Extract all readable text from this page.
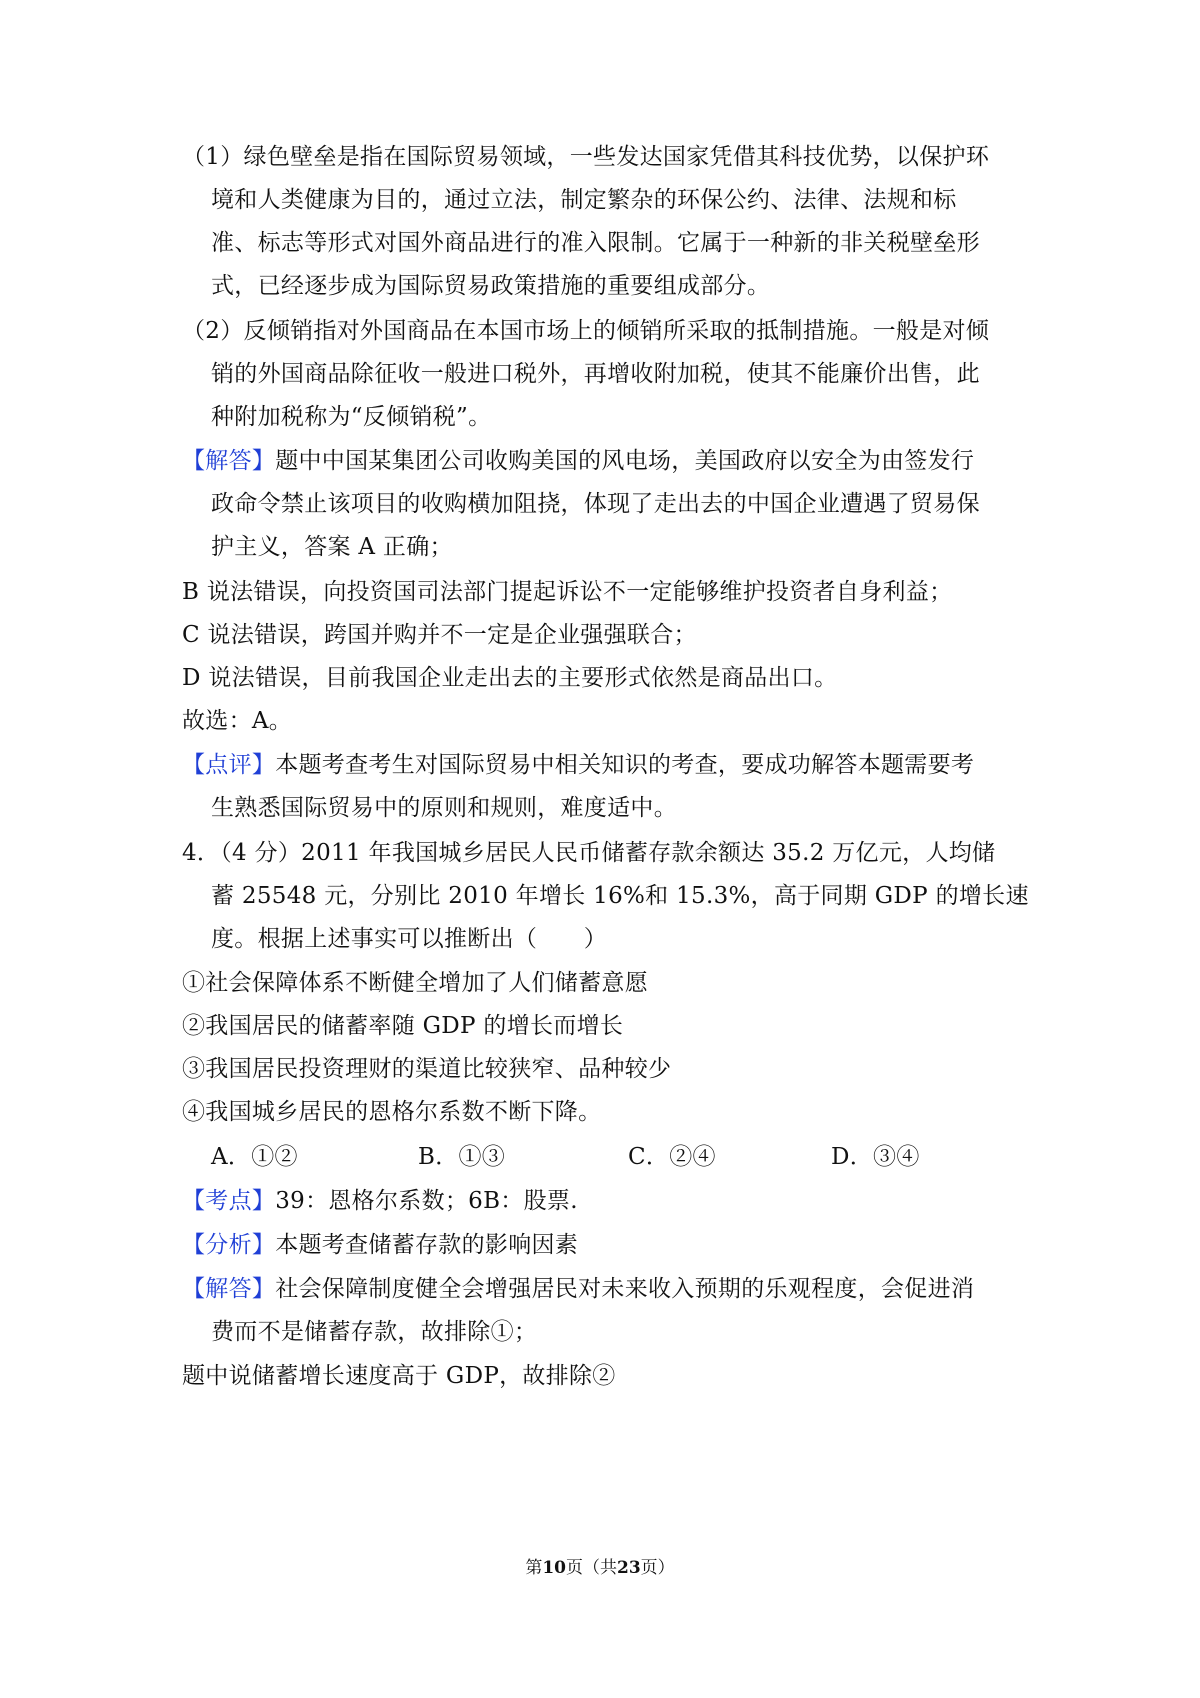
（1）绿色壁垒是指在国际贸易领域，一些发达国家凭借其科技优势，以保护环
境和人类健康为目的，通过立法，制定繁杂的环保公约、法律、法规和标
准、标志等形式对国外商品进行的准入限制。它属于一种新的非关税壁垒形
式，已经逐步成为国际贸易政策措施的重要组成部分。
（2）反倾销指对外国商品在本国市场上的倾销所采取的抵制措施。一般是对倾
销的外国商品除征收一般进口税外，再增收附加税，使其不能廉价出售，此
种附加税称为“反倾销税”。
【解答】题中中国某集团公司收购美国的风电场，美国政府以安全为由签发行
政命令禁止该项目的收购横加阻挠，体现了走出去的中国企业遭遇了贸易保
护主义，答案 A 正确；
B 说法错误，向投资国司法部门提起诉讼不一定能够维护投资者自身利益；
C 说法错误，跨国并购并不一定是企业强强联合；
D 说法错误，目前我国企业走出去的主要形式依然是商品出口。
故选：A。
【点评】本题考查考生对国际贸易中相关知识的考查，要成功解答本题需要考
生熟悉国际贸易中的原则和规则，难度适中。
4．（4 分）2011 年我国城乡居民人民币储蓄存款余额达 35.2 万亿元，人均储
蓄 25548 元，分别比 2010 年增长 16%和 15.3%，高于同期 GDP 的增长速
度。根据上述事实可以推断出（　　）
①社会保障体系不断健全增加了人们储蓄意愿
②我国居民的储蓄率随 GDP 的增长而增长
③我国居民投资理财的渠道比较狭窄、品种较少
④我国城乡居民的恩格尔系数不断下降。
A．①②	B．①③	C．②④	D．③④
【考点】39：恩格尔系数；6B：股票.
【分析】本题考查储蓄存款的影响因素
【解答】社会保障制度健全会增强居民对未来收入预期的乐观程度，会促进消
费而不是储蓄存款，故排除①；
题中说储蓄增长速度高于 GDP，故排除②
第10页（共23页）
